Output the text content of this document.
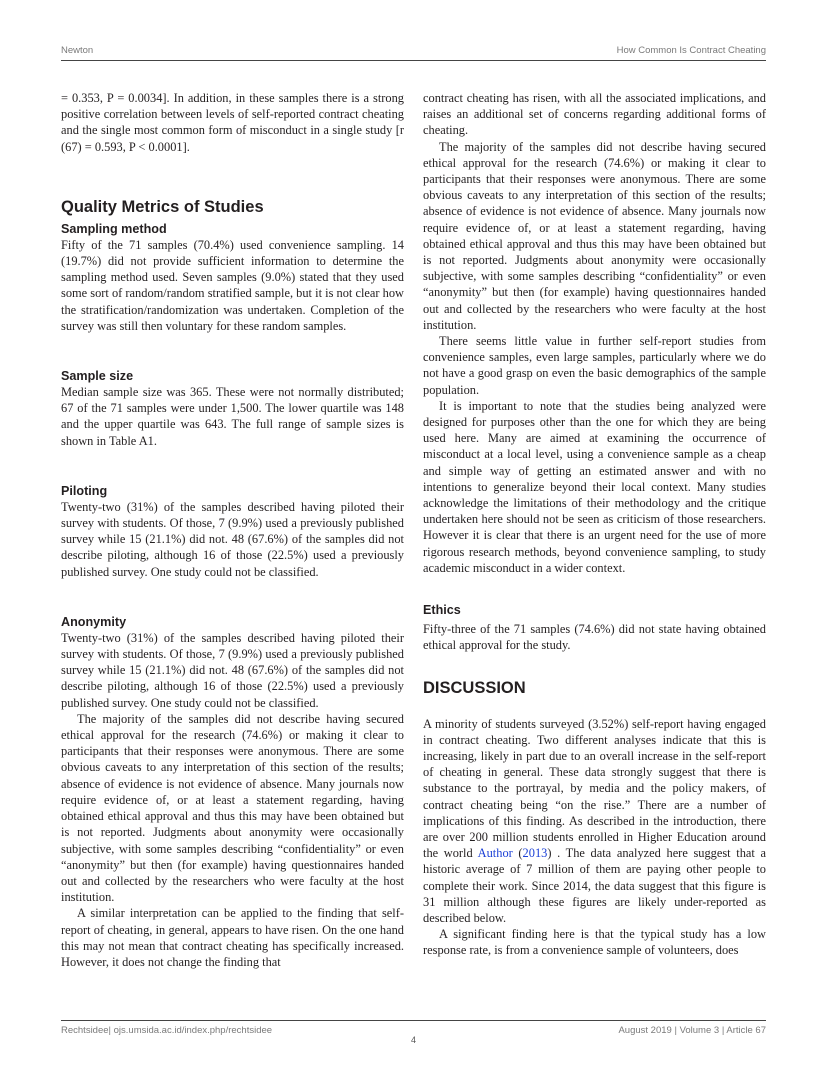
Newton	How Common Is Contract Cheating

= 0.353, P = 0.0034]. In addition, in these samples there is a strong positive correlation between levels of self-reported contract cheating and the single most common form of misconduct in a single study [r (67) = 0.593, P < 0.0001].

Quality Metrics of Studies
Sampling method

Fifty of the 71 samples (70.4%) used convenience sampling. 14 (19.7%) did not provide sufficient information to determine the sampling method used. Seven samples (9.0%) stated that they used some sort of random/random stratified sample, but it is not clear how the stratification/randomization was undertaken. Completion of the survey was still then voluntary for these random samples.

Sample size

Median sample size was 365. These were not normally distributed; 67 of the 71 samples were under 1,500. The lower quartile was 148 and the upper quartile was 643. The full range of sample sizes is shown in Table A1.

Piloting

Twenty-two (31%) of the samples described having piloted their survey with students. Of those, 7 (9.9%) used a previously published survey while 15 (21.1%) did not. 48 (67.6%) of the samples did not describe piloting, although 16 of those (22.5%) used a previously published survey. One study could not be classified.

Anonymity

Twenty-two (31%) of the samples described having piloted their survey with students. Of those, 7 (9.9%) used a previously published survey while 15 (21.1%) did not. 48 (67.6%) of the samples did not describe piloting, although 16 of those (22.5%) used a previously published survey. One study could not be classified.

The majority of the samples did not describe having secured ethical approval for the research (74.6%) or making it clear to participants that their responses were anonymous. There are some obvious caveats to any interpretation of this section of the results; absence of evidence is not evidence of absence. Many journals now require evidence of, or at least a statement regarding, having obtained ethical approval and thus this may have been obtained but is not reported. Judgments about anonymity were occasionally subjective, with some samples describing “confidentiality” or even “anonymity” but then (for example) having questionnaires handed out and collected by the researchers who were faculty at the host institution.

A similar interpretation can be applied to the finding that self- report of cheating, in general, appears to have risen. On the one hand this may not mean that contract cheating has specifically increased. However, it does not change the finding that

contract cheating has risen, with all the associated implications, and raises an additional set of concerns regarding additional forms of cheating.

The majority of the samples did not describe having secured ethical approval for the research (74.6%) or making it clear to participants that their responses were anonymous. There are some obvious caveats to any interpretation of this section of the results; absence of evidence is not evidence of absence. Many journals now require evidence of, or at least a statement regarding, having obtained ethical approval and thus this may have been obtained but is not reported. Judgments about anonymity were occasionally subjective, with some samples describing “confidentiality” or even “anonymity” but then (for example) having questionnaires handed out and collected by the researchers who were faculty at the host institution.

There seems little value in further self-report studies from convenience samples, even large samples, particularly where we do not have a good grasp on even the basic demographics of the sample population.

It is important to note that the studies being analyzed were designed for purposes other than the one for which they are being used here. Many are aimed at examining the occurrence of misconduct at a local level, using a convenience sample as a cheap and simple way of getting an estimated answer and with no intentions to generalize beyond their local context. Many studies acknowledge the limitations of their methodology and the critique undertaken here should not be seen as criticism of those researchers. However it is clear that there is an urgent need for the use of more rigorous research methods, beyond convenience sampling, to study academic misconduct in a wider context.

Ethics

Fifty-three of the 71 samples (74.6%) did not state having obtained ethical approval for the study.

DISCUSSION

A minority of students surveyed (3.52%) self-report having engaged in contract cheating. Two different analyses indicate that this is increasing, likely in part due to an overall increase in the self-report of cheating in general. These data strongly suggest that there is substance to the portrayal, by media and the policy makers, of contract cheating being “on the rise.” There are a number of implications of this finding. As described in the introduction, there are over 200 million students enrolled in Higher Education around the world Author (2013) . The data analyzed here suggest that a historic average of 7 million of them are paying other people to complete their work. Since 2014, the data suggest that this figure is 31 million although these figures are likely under-reported as described below.

A significant finding here is that the typical study has a low response rate, is from a convenience sample of volunteers, does

Rechtsidee| ojs.umsida.ac.id/index.php/rechtsidee	August 2019 | Volume 3 | Article 67
4
